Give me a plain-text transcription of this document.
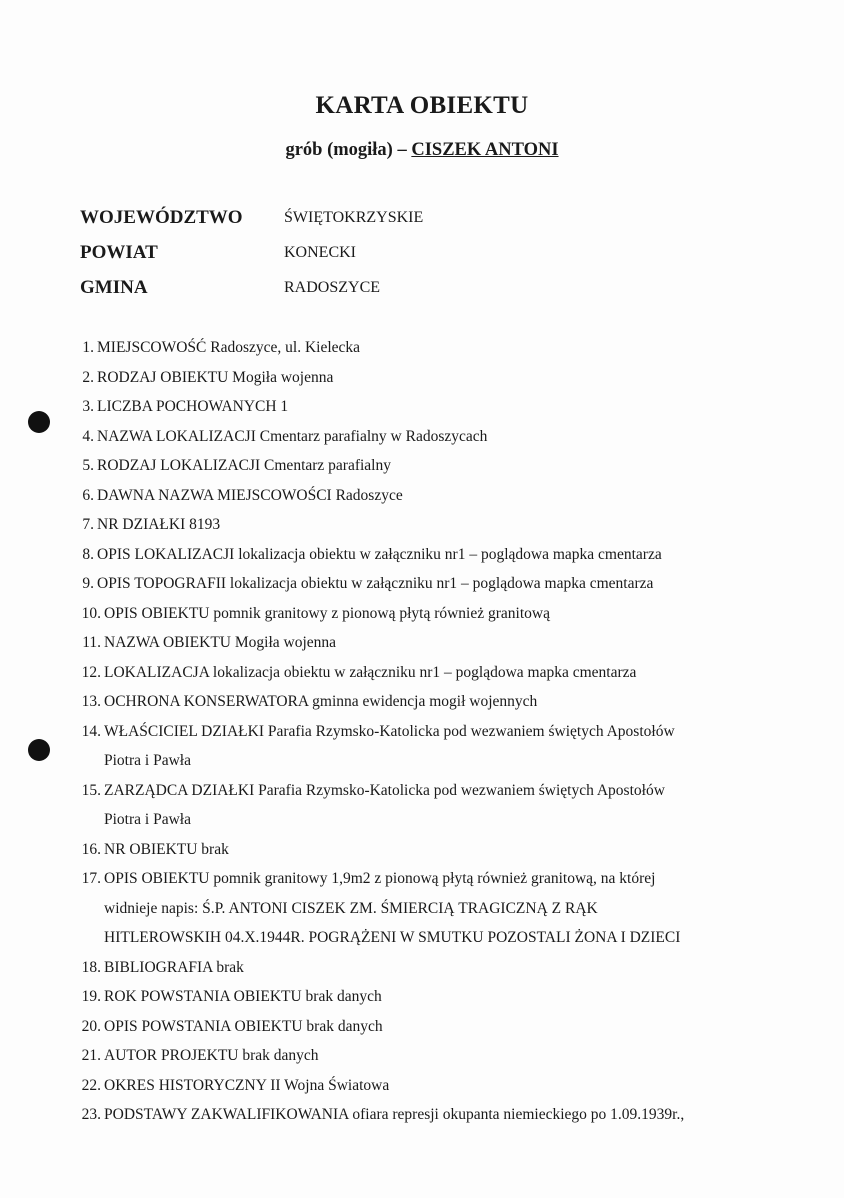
KARTA OBIEKTU
grób (mogiła) – CISZEK ANTONI
WOJEWÓDZTWO	ŚWIĘTOKRZYSKIE
POWIAT	KONECKI
GMINA	RADOSZYCE
1. MIEJSCOWOŚĆ Radoszyce, ul. Kielecka
2. RODZAJ OBIEKTU Mogiła wojenna
3. LICZBA POCHOWANYCH 1
4. NAZWA LOKALIZACJI Cmentarz parafialny w Radoszycach
5. RODZAJ LOKALIZACJI Cmentarz parafialny
6. DAWNA NAZWA MIEJSCOWOŚCI Radoszyce
7. NR DZIAŁKI 8193
8. OPIS LOKALIZACJI lokalizacja obiektu w załączniku nr1 – poglądowa mapka cmentarza
9. OPIS TOPOGRAFII lokalizacja obiektu w załączniku nr1 – poglądowa mapka cmentarza
10. OPIS OBIEKTU pomnik granitowy z pionową płytą również granitową
11. NAZWA OBIEKTU Mogiła wojenna
12. LOKALIZACJA lokalizacja obiektu w załączniku nr1 – poglądowa mapka cmentarza
13. OCHRONA KONSERWATORA gminna ewidencja mogił wojennych
14. WŁAŚCICIEL DZIAŁKI Parafia Rzymsko-Katolicka pod wezwaniem świętych Apostołów
Piotra i Pawła
15. ZARZĄDCA DZIAŁKI Parafia Rzymsko-Katolicka pod wezwaniem świętych Apostołów
Piotra i Pawła
16. NR OBIEKTU brak
17. OPIS OBIEKTU pomnik granitowy 1,9m2 z pionową płytą również granitową, na której
widnieje napis: Ś.P. ANTONI CISZEK ZM. ŚMIERCIĄ TRAGICZNĄ Z RĄK
HITLEROWSKIH 04.X.1944R. POGRĄŻENI W SMUTKU POZOSTALI ŻONA I DZIECI
18. BIBLIOGRAFIA brak
19. ROK POWSTANIA OBIEKTU brak danych
20. OPIS POWSTANIA OBIEKTU brak danych
21. AUTOR PROJEKTU brak danych
22. OKRES HISTORYCZNY II Wojna Światowa
23. PODSTAWY ZAKWALIFIKOWANIA ofiara represji okupanta niemieckiego po 1.09.1939r.,
